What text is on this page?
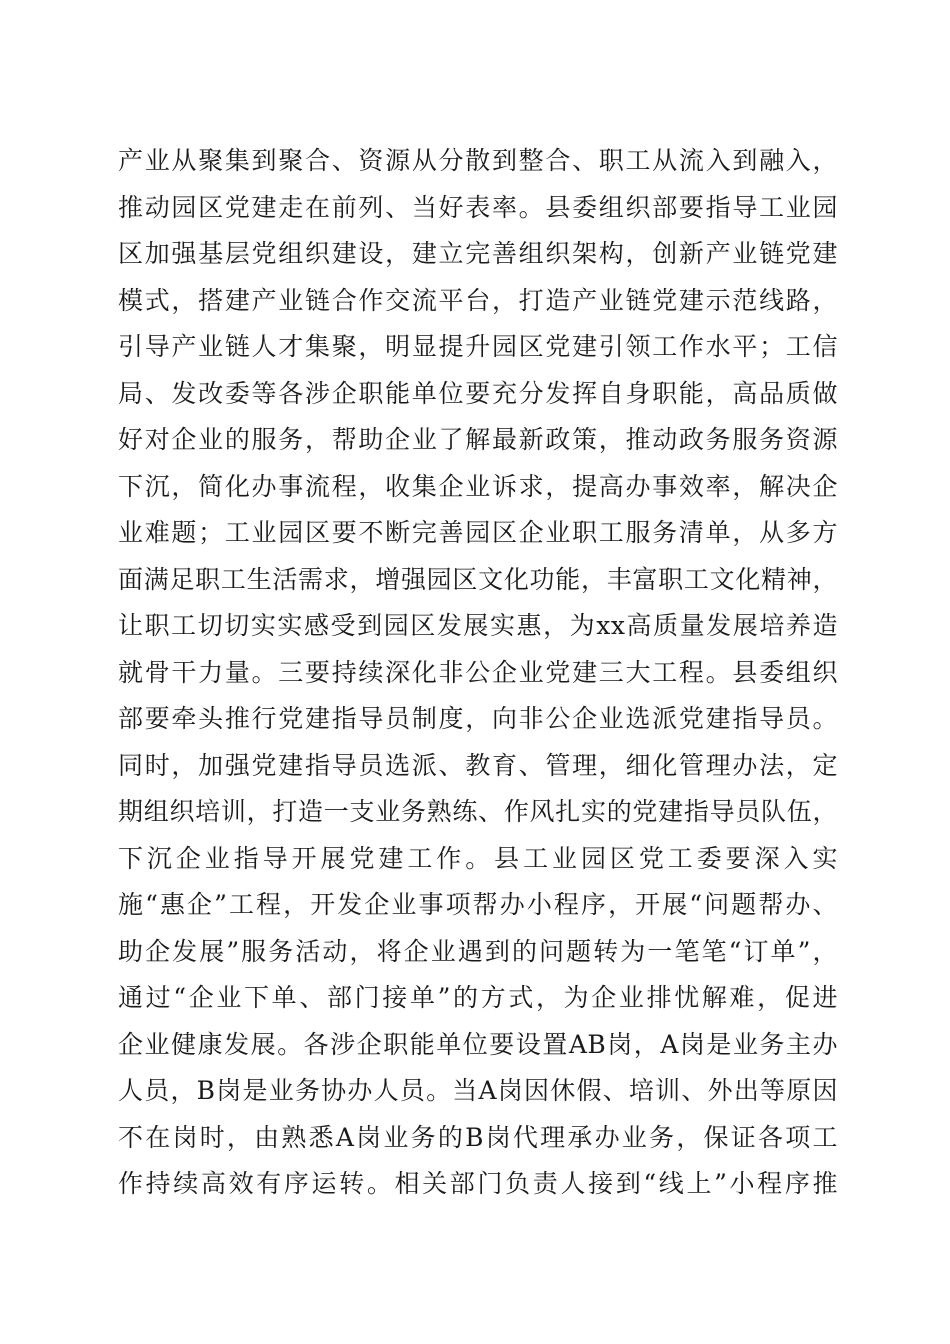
产业从聚集到聚合、资源从分散到整合、职工从流入到融入，
推动园区党建走在前列、当好表率。县委组织部要指导工业园
区加强基层党组织建设，建立完善组织架构，创新产业链党建
模式，搭建产业链合作交流平台，打造产业链党建示范线路，
引导产业链人才集聚，明显提升园区党建引领工作水平；工信
局、发改委等各涉企职能单位要充分发挥自身职能，高品质做
好对企业的服务，帮助企业了解最新政策，推动政务服务资源
下沉，简化办事流程，收集企业诉求，提高办事效率，解决企
业难题；工业园区要不断完善园区企业职工服务清单，从多方
面满足职工生活需求，增强园区文化功能，丰富职工文化精神，
让职工切切实实感受到园区发展实惠，为xx高质量发展培养造
就骨干力量。三要持续深化非公企业党建三大工程。县委组织
部要牵头推行党建指导员制度，向非公企业选派党建指导员。
同时，加强党建指导员选派、教育、管理，细化管理办法，定
期组织培训，打造一支业务熟练、作风扎实的党建指导员队伍，
下沉企业指导开展党建工作。县工业园区党工委要深入实
施“惠企”工程，开发企业事项帮办小程序，开展“问题帮办、
助企发展”服务活动，将企业遇到的问题转为一笔笔“订单”，
通过“企业下单、部门接单”的方式，为企业排忧解难，促进
企业健康发展。各涉企职能单位要设置AB岗，A岗是业务主办
人员，B岗是业务协办人员。当A岗因休假、培训、外出等原因
不在岗时，由熟悉A岗业务的B岗代理承办业务，保证各项工
作持续高效有序运转。相关部门负责人接到“线上”小程序推
